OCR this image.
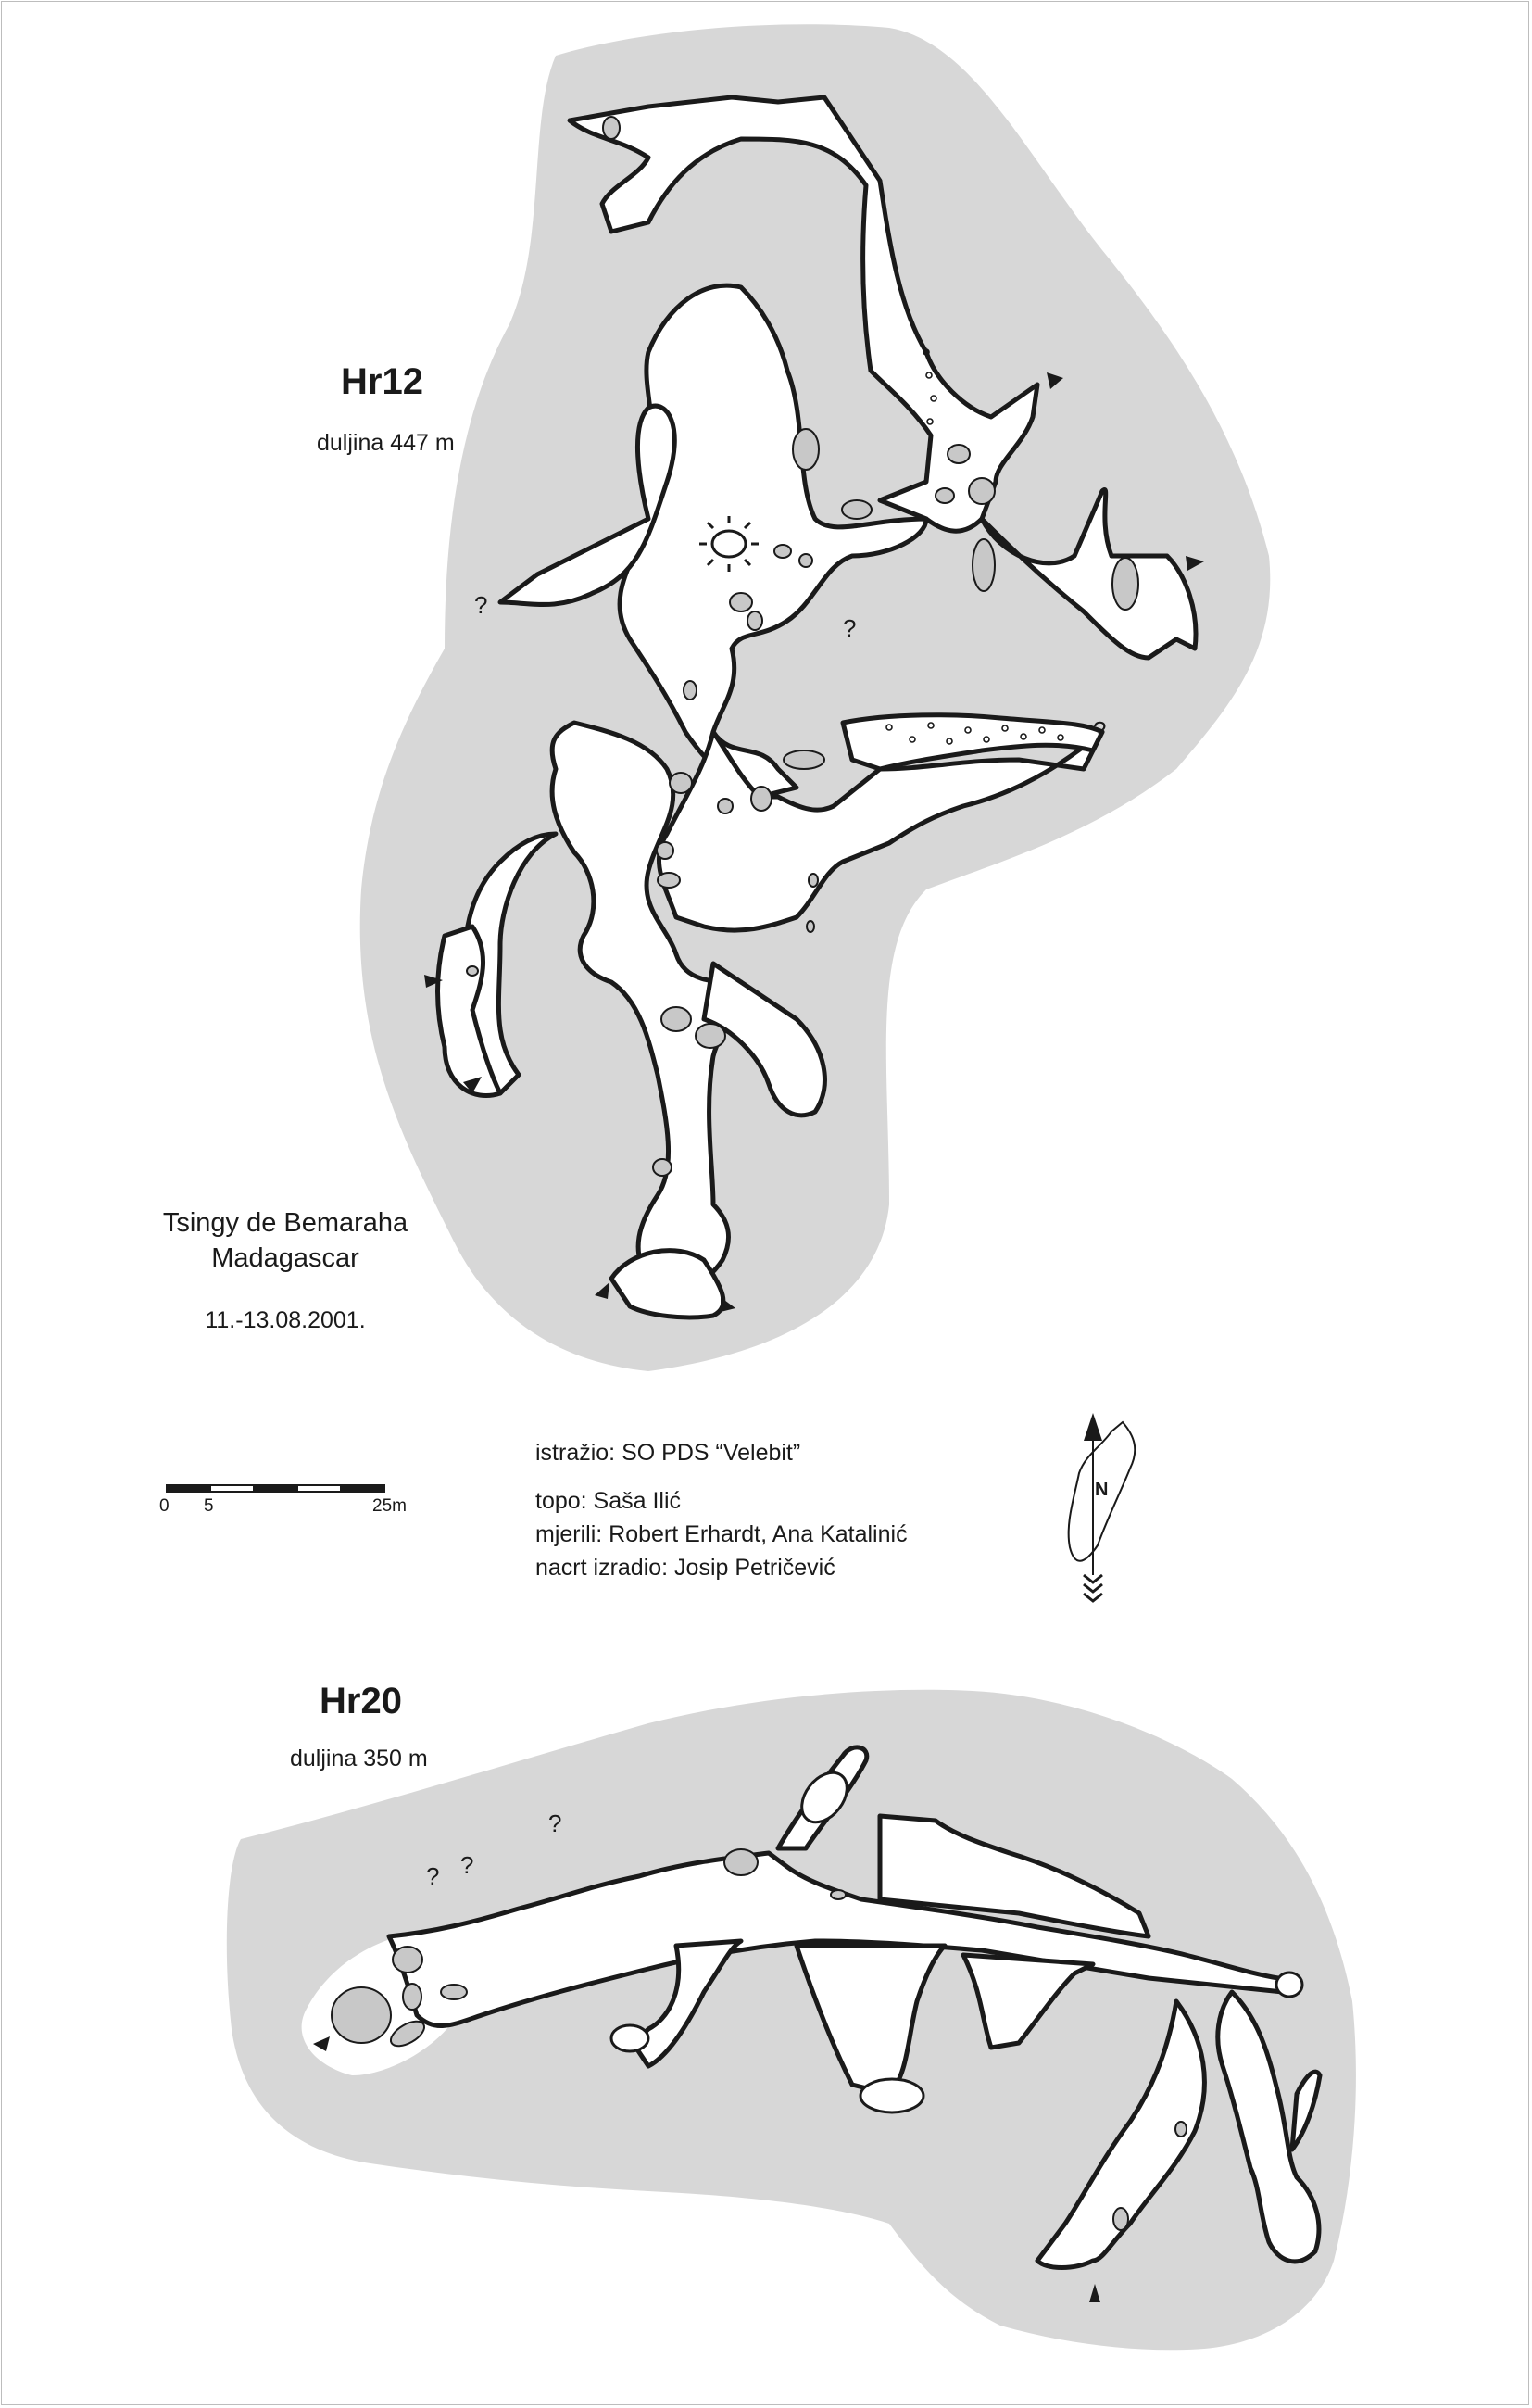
Hr12
duljina 447 m
Hr20
duljina 350 m
Tsingy de Bemaraha
Madagascar
11.-13.08.2001.
istražio: SO PDS “Velebit”
topo: Saša Ilić
mjerili: Robert Erhardt, Ana Katalinić
nacrt izradio: Josip Petričević
0 5	25m
N
?
?
?
? ?
?
